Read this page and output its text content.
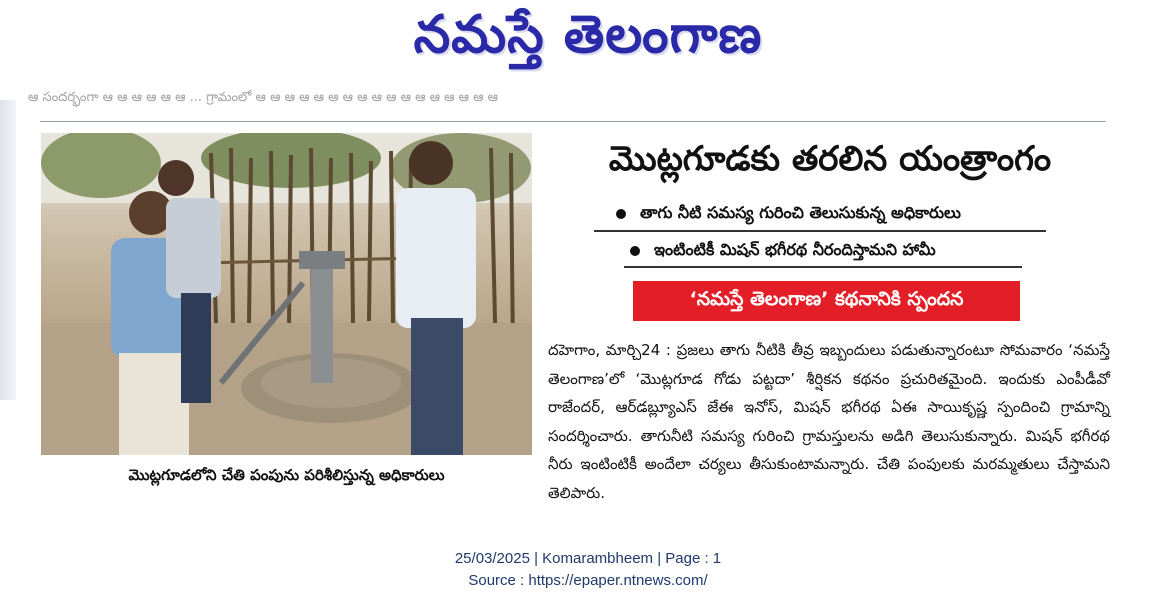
నమస్తే తెలంగాణ
ఆ సందర్భంగా ఆ ఆ ఆ ఆ ఆ ఆ ... గ్రామంలో ఆ ఆ ఆ ఆ ఆ ఆ ఆ ఆ ఆ ఆ ఆ ఆ ఆ ఆ ఆ ఆ ఆ
మొట్లగూడలోని చేతి పంపును పరిశీలిస్తున్న అధికారులు
మొట్లగూడకు తరలిన యంత్రాంగం
తాగు నీటి సమస్య గురించి తెలుసుకున్న అధికారులు
ఇంటింటికీ మిషన్ భగీరథ నీరందిస్తామని హామీ
‘నమస్తే తెలంగాణ’ కథనానికి స్పందన

దహెగాం, మార్చి24 : ప్రజలు తాగు నీటికి తీవ్ర ఇబ్బందులు పడుతున్నారంటూ సోమవారం ‘నమస్తే తెలంగాణ’లో ‘మొట్లగూడ గోడు పట్టదా’ శీర్షికన కథనం ప్రచురితమైంది. ఇందుకు ఎంపీడీవో రాజేందర్, ఆర్‌డబ్ల్యూఎస్ జేఈ ఇనోస్, మిషన్ భగీరథ ఏఈ సాయికృష్ణ స్పందించి గ్రామాన్ని సందర్శించారు. తాగునీటి సమస్య గురించి గ్రామస్తులను అడిగి తెలుసుకున్నారు. మిషన్ భగీరథ నీరు ఇంటింటికీ అందేలా చర్యలు తీసుకుంటామన్నారు. చేతి పంపులకు మరమ్మతులు చేస్తామని తెలిపారు.

25/03/2025 | Komarambheem | Page : 1
Source : https://epaper.ntnews.com/
